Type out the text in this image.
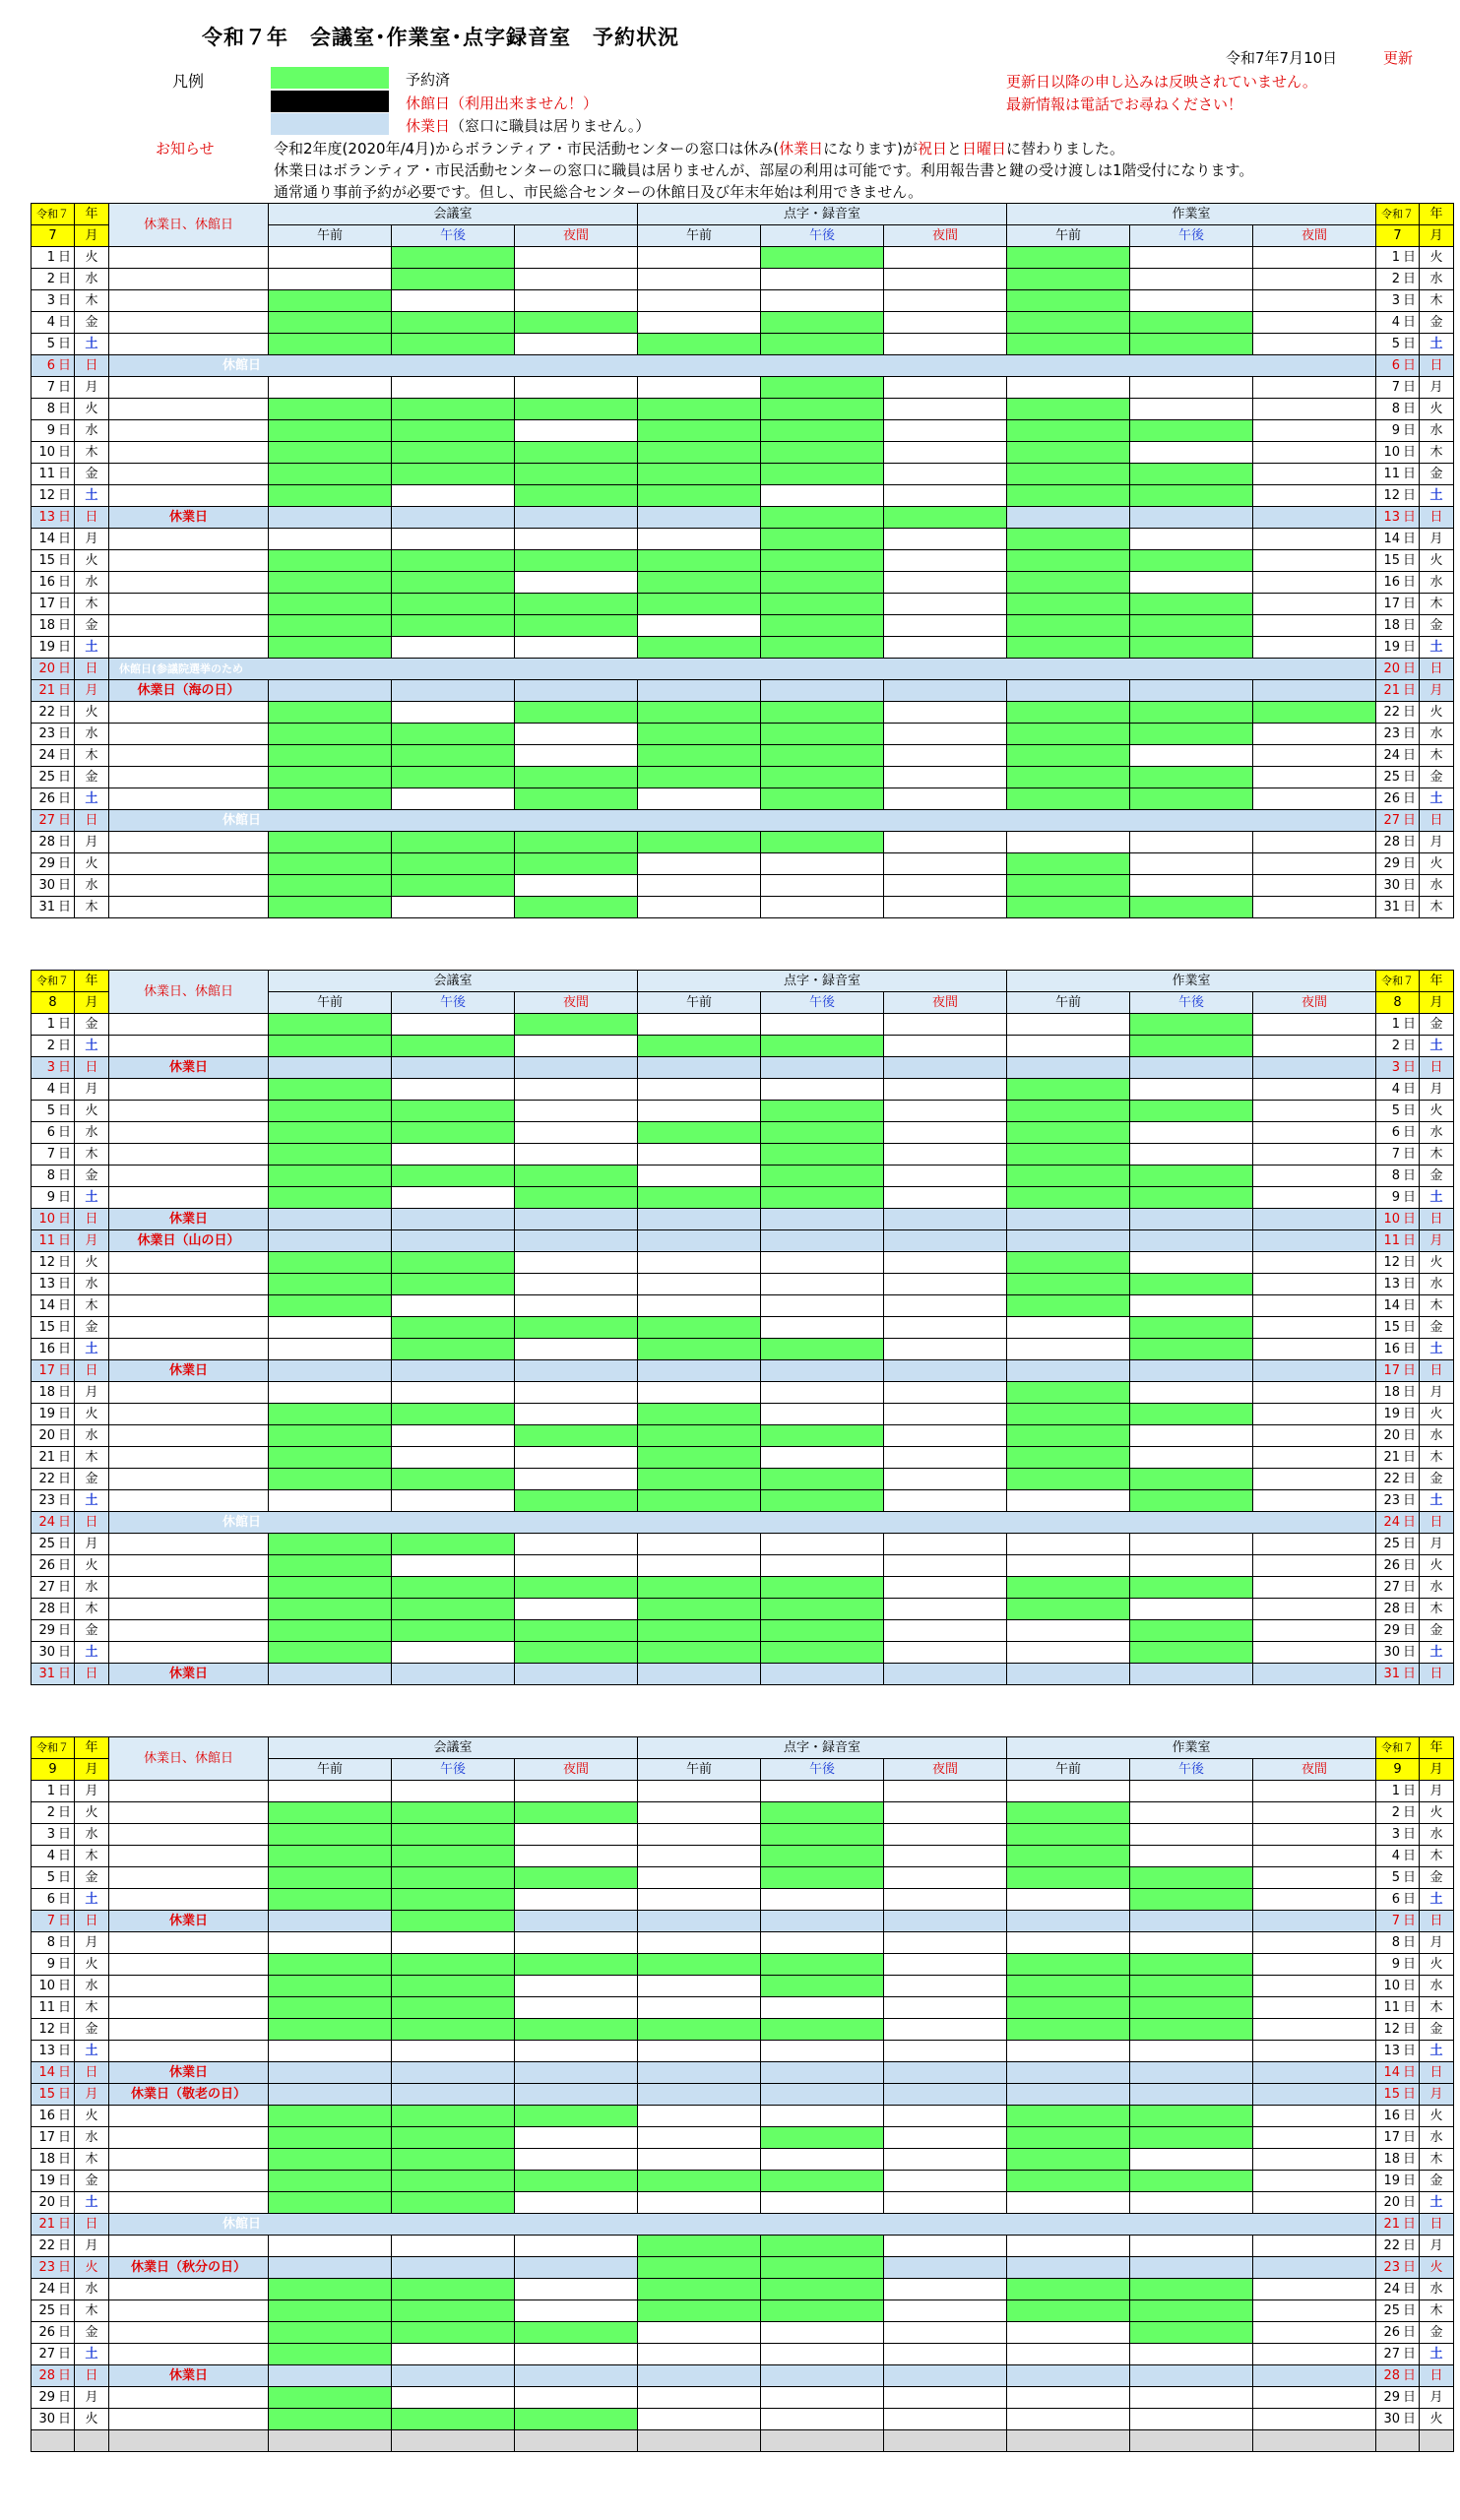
令和７年　会議室･作業室･点字録音室　予約状況
令和7年7月10日	更新
凡例	予約済
休館日（利用出来ません！）
休業日（窓口に職員は居りません。）
更新日以降の申し込みは反映されていません。
最新情報は電話でお尋ねください！
お知らせ	令和2年度(2020年/4月)からボランティア・市民活動センターの窓口は休み(休業日になります)が祝日と日曜日に替わりました。
休業日はボランティア・市民活動センターの窓口に職員は居りませんが、部屋の利用は可能です。利用報告書と鍵の受け渡しは1階受付になります。
通常通り事前予約が必要です。但し、市民総合センターの休館日及び年末年始は利用できません。
令和７	年	休業日、休館日	会議室			点字・録音室			作業室			令和７	年
7	月		午前	午後	夜間	午前	午後	夜間	午前	午後	夜間	7	月
1 日	火											1 日	火
2 日	水											2 日	水
3 日	木											3 日	木
4 日	金											4 日	金
5 日	土											5 日	土
6 日	日	休館日										6 日	日
7 日	月											7 日	月
8 日	火											8 日	火
9 日	水											9 日	水
10 日	木											10 日	木
11 日	金											11 日	金
12 日	土											12 日	土
13 日	日	休業日										13 日	日
14 日	月											14 日	月
15 日	火											15 日	火
16 日	水											16 日	水
17 日	木											17 日	木
18 日	金											18 日	金
19 日	土											19 日	土
20 日	日	休館日(参議院選挙のため										20 日	日
21 日	月	休業日（海の日）										21 日	月
22 日	火											22 日	火
23 日	水											23 日	水
24 日	木											24 日	木
25 日	金											25 日	金
26 日	土											26 日	土
27 日	日	休館日										27 日	日
28 日	月											28 日	月
29 日	火											29 日	火
30 日	水											30 日	水
31 日	木											31 日	木
令和７	年	休業日、休館日	会議室			点字・録音室			作業室			令和７	年
8	月		午前	午後	夜間	午前	午後	夜間	午前	午後	夜間	8	月
1 日	金											1 日	金
2 日	土											2 日	土
3 日	日	休業日										3 日	日
4 日	月											4 日	月
5 日	火											5 日	火
6 日	水											6 日	水
7 日	木											7 日	木
8 日	金											8 日	金
9 日	土											9 日	土
10 日	日	休業日										10 日	日
11 日	月	休業日（山の日）										11 日	月
12 日	火											12 日	火
13 日	水											13 日	水
14 日	木											14 日	木
15 日	金											15 日	金
16 日	土											16 日	土
17 日	日	休業日										17 日	日
18 日	月											18 日	月
19 日	火											19 日	火
20 日	水											20 日	水
21 日	木											21 日	木
22 日	金											22 日	金
23 日	土											23 日	土
24 日	日	休館日										24 日	日
25 日	月											25 日	月
26 日	火											26 日	火
27 日	水											27 日	水
28 日	木											28 日	木
29 日	金											29 日	金
30 日	土											30 日	土
31 日	日	休業日										31 日	日
令和７	年	休業日、休館日	会議室			点字・録音室			作業室			令和７	年
9	月		午前	午後	夜間	午前	午後	夜間	午前	午後	夜間	9	月
1 日	月											1 日	月
2 日	火											2 日	火
3 日	水											3 日	水
4 日	木											4 日	木
5 日	金											5 日	金
6 日	土											6 日	土
7 日	日	休業日										7 日	日
8 日	月											8 日	月
9 日	火											9 日	火
10 日	水											10 日	水
11 日	木											11 日	木
12 日	金											12 日	金
13 日	土											13 日	土
14 日	日	休業日										14 日	日
15 日	月	休業日（敬老の日）										15 日	月
16 日	火											16 日	火
17 日	水											17 日	水
18 日	木											18 日	木
19 日	金											19 日	金
20 日	土											20 日	土
21 日	日	休館日										21 日	日
22 日	月											22 日	月
23 日	火	休業日（秋分の日）										23 日	火
24 日	水											24 日	水
25 日	木											25 日	木
26 日	金											26 日	金
27 日	土											27 日	土
28 日	日	休業日										28 日	日
29 日	月											29 日	月
30 日	火											30 日	火
